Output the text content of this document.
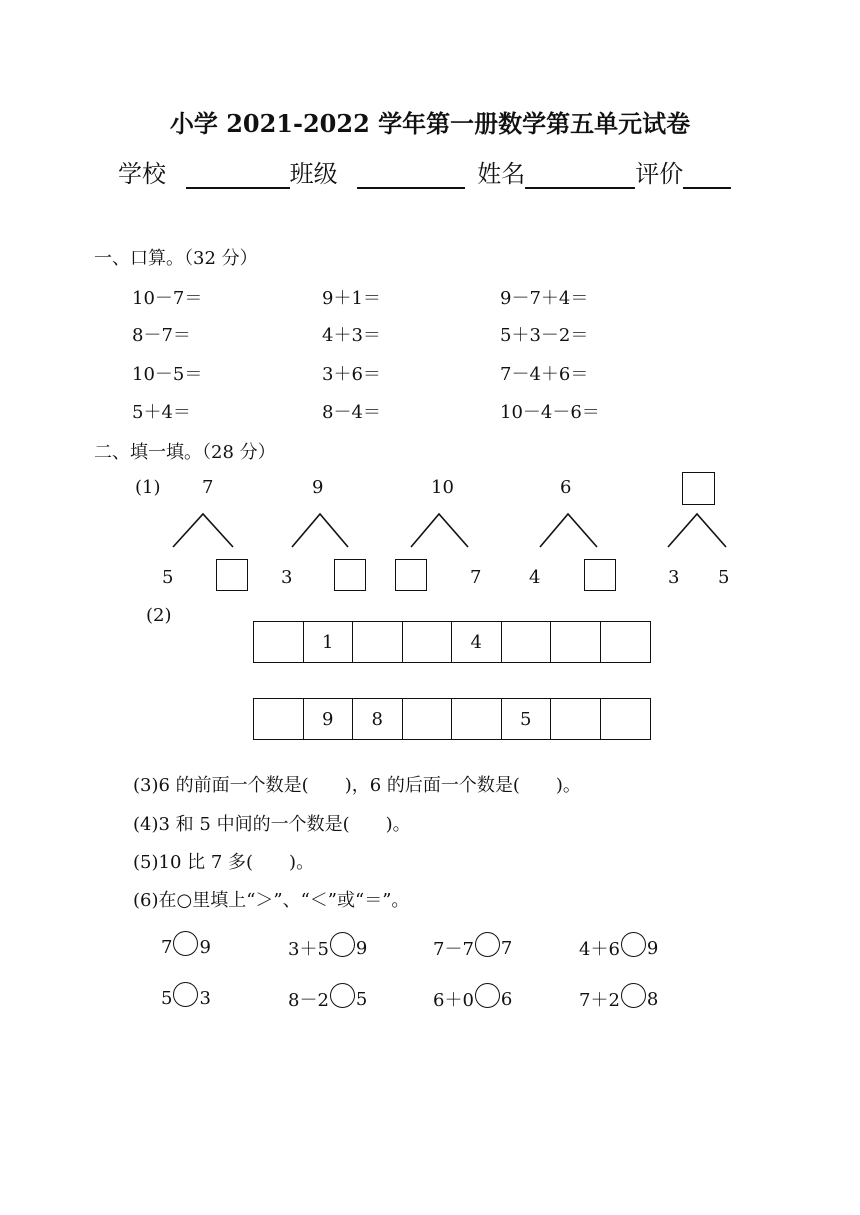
小学 2021-2022 学年第一册数学第五单元试卷
学校	班级	姓名	评价
一、口算。（32 分）
10－7＝	9＋1＝	9－7＋4＝
8－7＝	4＋3＝	5＋3－2＝
10－5＝	3＋6＝	7－4＋6＝
5＋4＝	8－4＝	10－4－6＝
二、填一填。（28 分）
(1) 7
5
9
3
10
7
6
4	3 5
(2)
1	4
9	8	5
(3)6 的前面一个数是(　　)，6 的后面一个数是(　　)。
(4)3 和 5 中间的一个数是(　　)。
(5)10 比 7 多(　　)。
(6)在○里填上“＞”、“＜”或“＝”。
7 9	3＋5 9	7－7 7	4＋6 9
5 3	8－2 5	6＋0 6	7＋2 8
